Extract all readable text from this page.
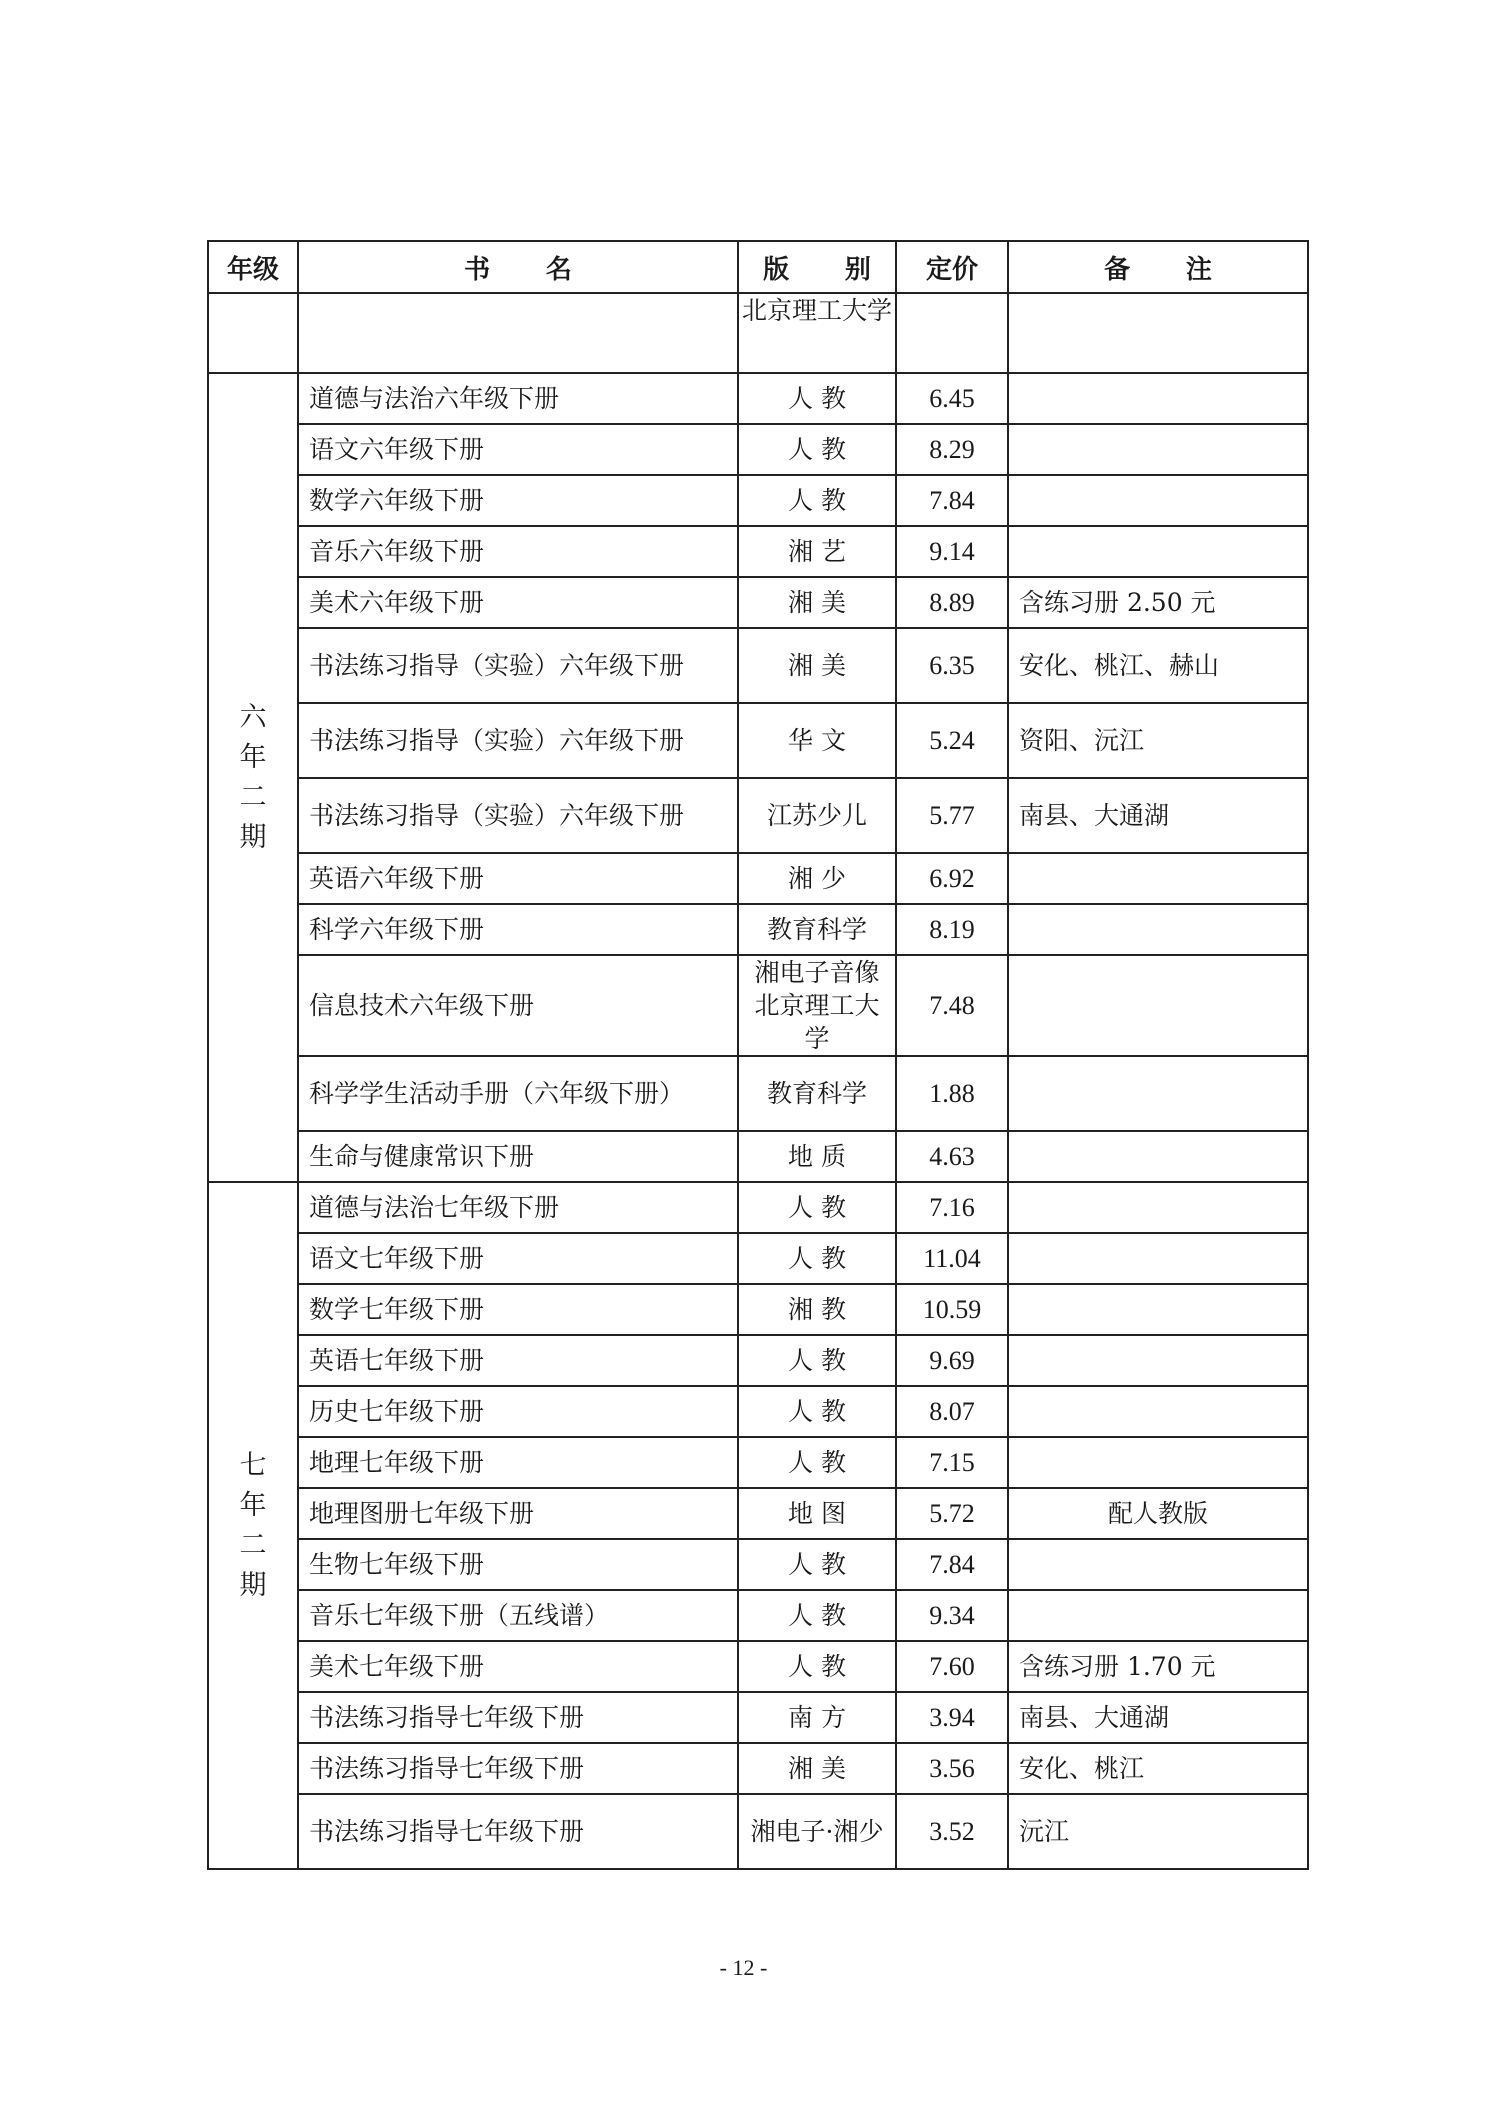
年级	书 名	版 别	定价	备 注
		北京理工大学		
六年二期	道德与法治六年级下册	人 教	6.45	
	语文六年级下册	人 教	8.29	
	数学六年级下册	人 教	7.84	
	音乐六年级下册	湘 艺	9.14	
	美术六年级下册	湘 美	8.89	含练习册 2.50 元
	书法练习指导（实验）六年级下册	湘 美	6.35	安化、桃江、赫山
	书法练习指导（实验）六年级下册	华 文	5.24	资阳、沅江
	书法练习指导（实验）六年级下册	江苏少儿	5.77	南县、大通湖
	英语六年级下册	湘 少	6.92	
	科学六年级下册	教育科学	8.19	
	信息技术六年级下册	湘电子音像 北京理工大学	7.48	
	科学学生活动手册（六年级下册）	教育科学	1.88	
	生命与健康常识下册	地 质	4.63	
七年二期	道德与法治七年级下册	人 教	7.16	
	语文七年级下册	人 教	11.04	
	数学七年级下册	湘 教	10.59	
	英语七年级下册	人 教	9.69	
	历史七年级下册	人 教	8.07	
	地理七年级下册	人 教	7.15	
	地理图册七年级下册	地 图	5.72	配人教版
	生物七年级下册	人 教	7.84	
	音乐七年级下册（五线谱）	人 教	9.34	
	美术七年级下册	人 教	7.60	含练习册 1.70 元
	书法练习指导七年级下册	南 方	3.94	南县、大通湖
	书法练习指导七年级下册	湘 美	3.56	安化、桃江
	书法练习指导七年级下册	湘电子·湘少	3.52	沅江
- 12 -
